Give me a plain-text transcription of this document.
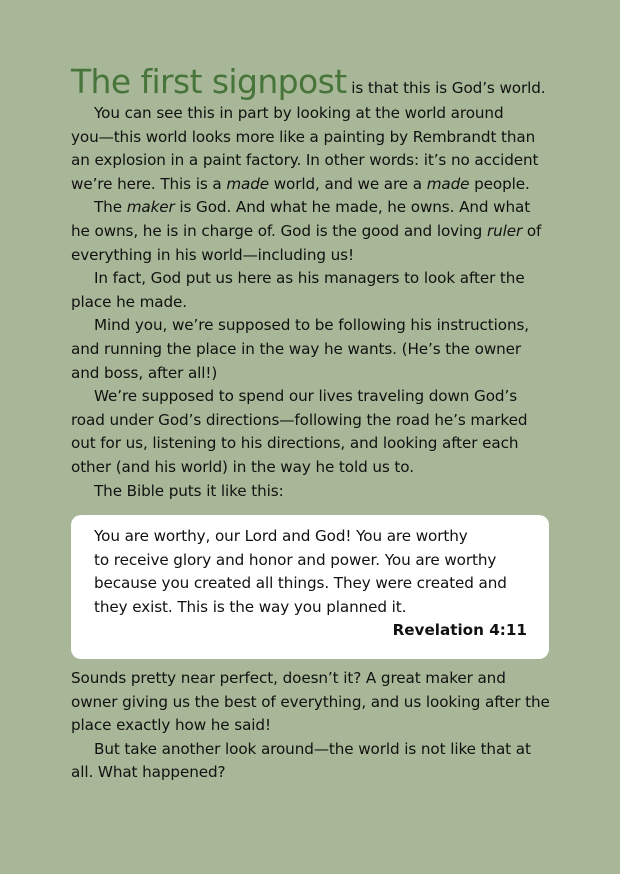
The first signpost is that this is God’s world.
You can see this in part by looking at the world around
you—this world looks more like a painting by Rembrandt than
an explosion in a paint factory. In other words: it’s no accident
we’re here. This is a made world, and we are a made people.
The maker is God. And what he made, he owns. And what
he owns, he is in charge of. God is the good and loving ruler of
everything in his world—including us!
In fact, God put us here as his managers to look after the
place he made.
Mind you, we’re supposed to be following his instructions,
and running the place in the way he wants. (He’s the owner
and boss, after all!)
We’re supposed to spend our lives traveling down God’s
road under God’s directions—following the road he’s marked
out for us, listening to his directions, and looking after each
other (and his world) in the way he told us to.
The Bible puts it like this:
You are worthy, our Lord and God! You are worthy
to receive glory and honor and power. You are worthy
because you created all things. They were created and
they exist. This is the way you planned it.
Revelation 4:11
Sounds pretty near perfect, doesn’t it? A great maker and
owner giving us the best of everything, and us looking after the
place exactly how he said!
But take another look around—the world is not like that at
all. What happened?
